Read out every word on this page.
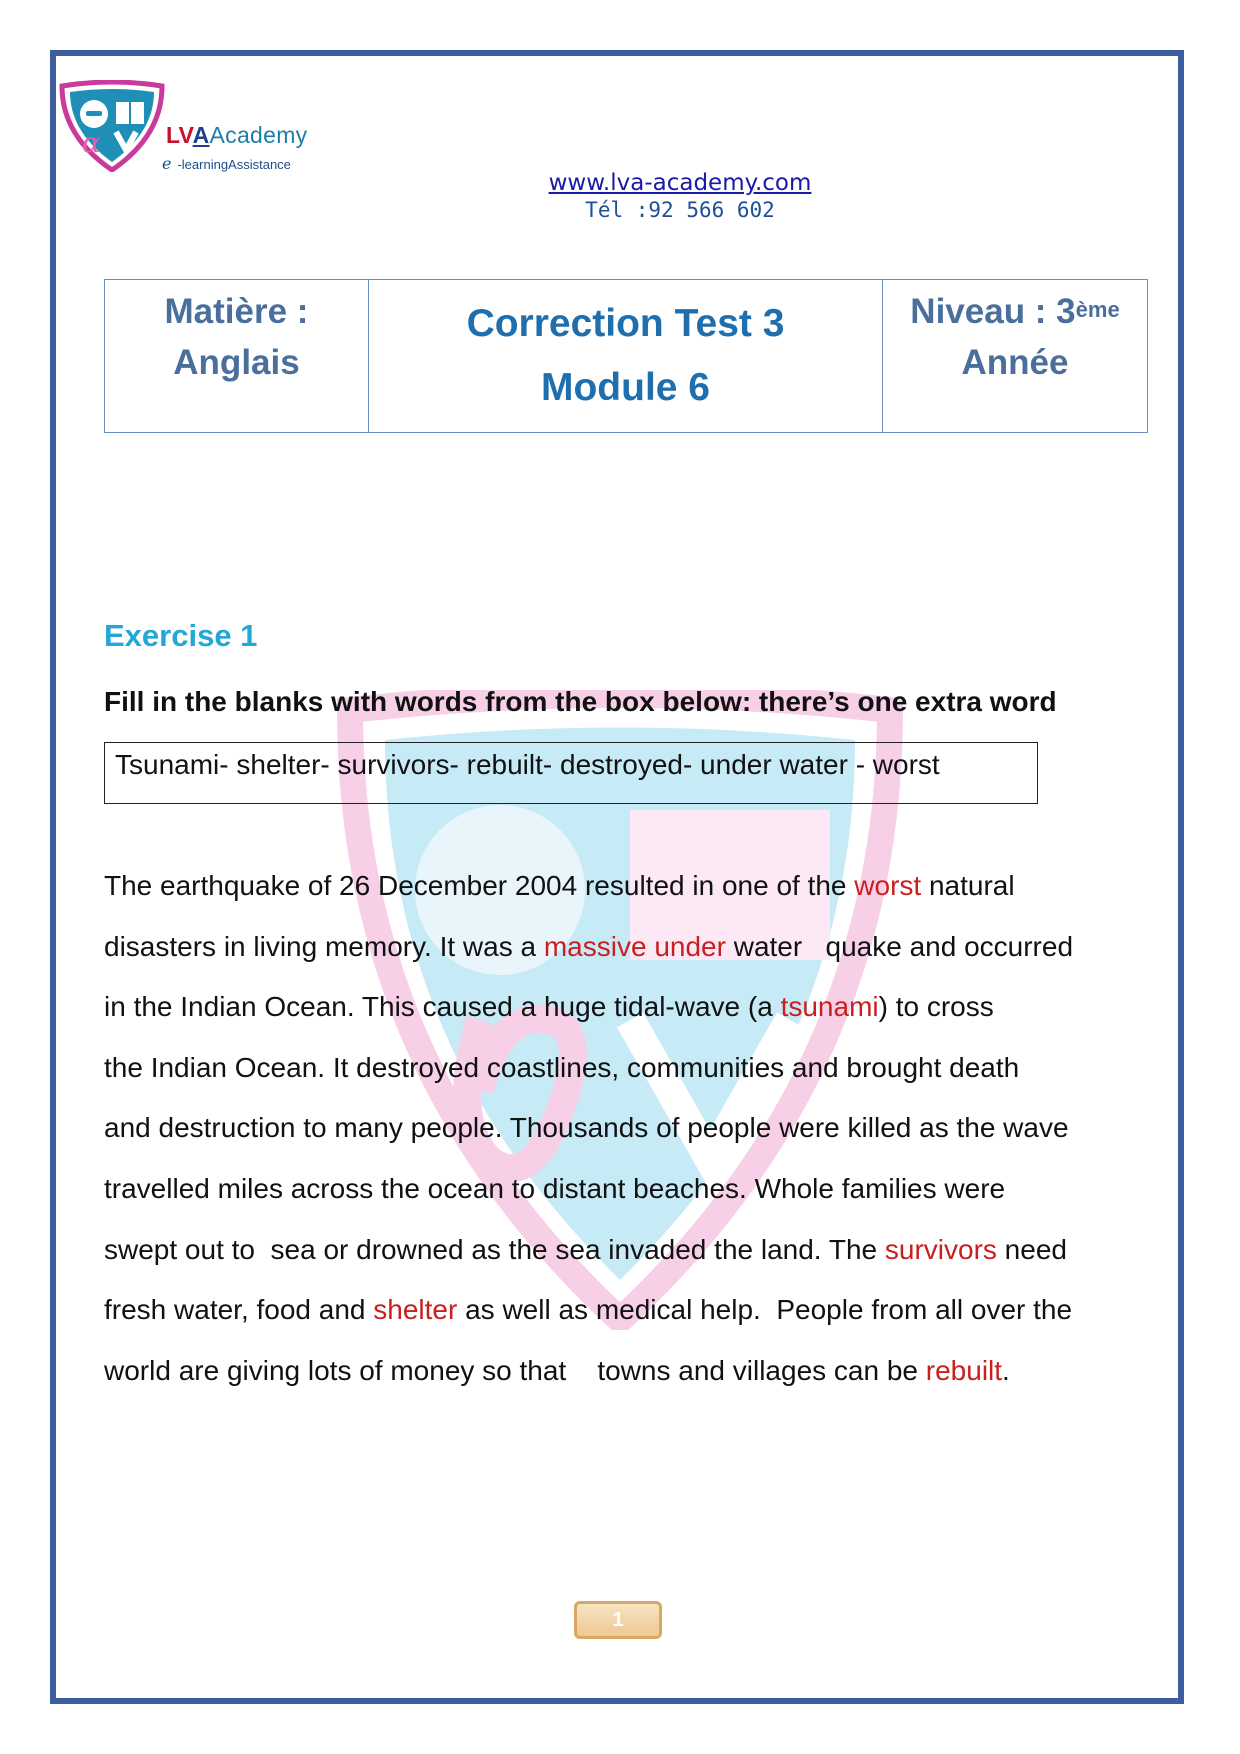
α	LVAAcademy
e -learningAssistance
www.lva-academy.com
Tél :92 566 602
Matière :
Anglais
Correction Test 3
Module 6
Niveau : 3ème
Année
Exercise 1
Fill in the blanks with words from the box below: there’s one extra word
Tsunami- shelter- survivors- rebuilt- destroyed- under water - worst
The earthquake of 26 December 2004 resulted in one of the worst natural
disasters in living memory. It was a massive under water   quake and occurred
in the Indian Ocean. This caused a huge tidal-wave (a tsunami) to cross
the Indian Ocean. It destroyed coastlines, communities and brought death
and destruction to many people. Thousands of people were killed as the wave
travelled miles across the ocean to distant beaches. Whole families were
swept out to  sea or drowned as the sea invaded the land. The survivors need
fresh water, food and shelter as well as medical help.  People from all over the
world are giving lots of money so that    towns and villages can be rebuilt.
1
